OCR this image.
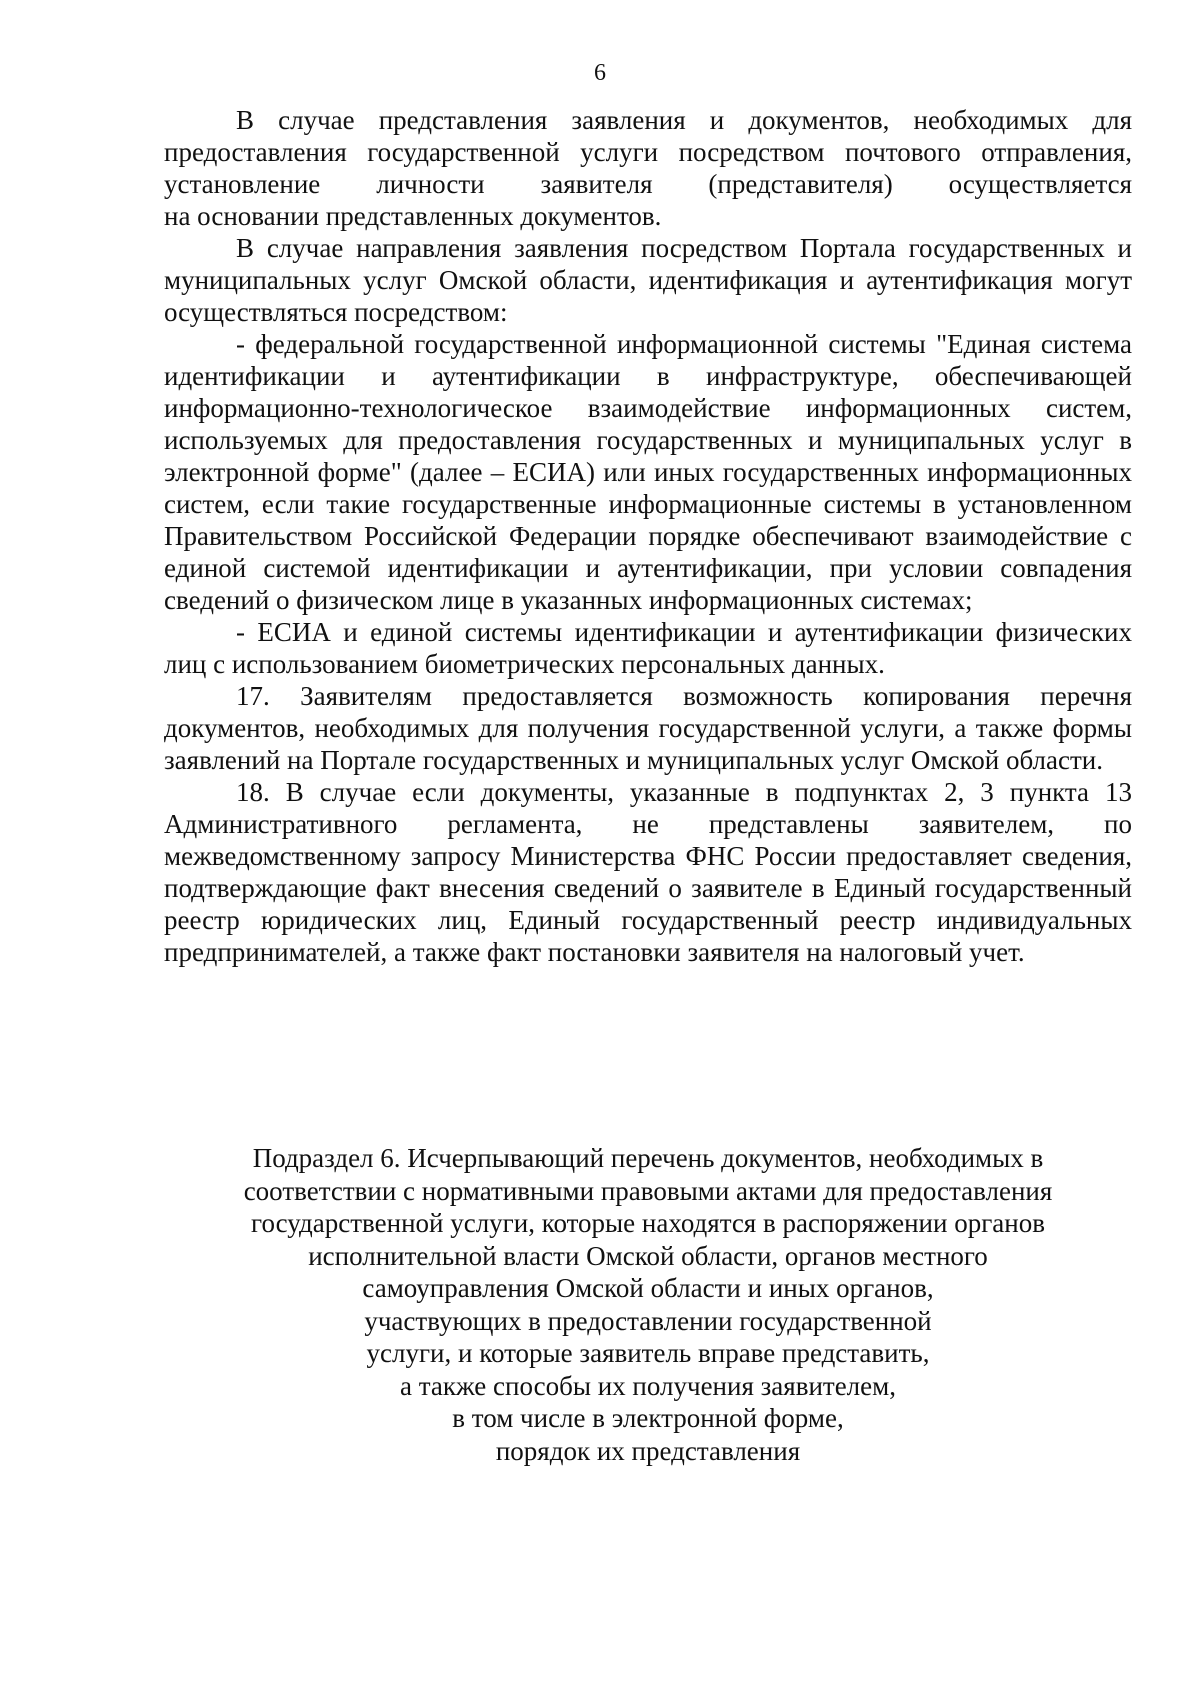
6

В случае представления заявления и документов, необходимых для предоставления государственной услуги посредством почтового отправления, установление личности заявителя (представителя) осуществляется

на основании представленных документов.

В случае направления заявления посредством Портала государственных и муниципальных услуг Омской области, идентификация и аутентификация могут осуществляться посредством:

- федеральной государственной информационной системы "Единая система идентификации и аутентификации в инфраструктуре, обеспечивающей информационно-технологическое взаимодействие информационных систем, используемых для предоставления государственных и муниципальных услуг в электронной форме" (далее – ЕСИА) или иных государственных информационных систем, если такие государственные информационные системы в установленном Правительством Российской Федерации порядке обеспечивают взаимодействие с единой системой идентификации и аутентификации, при условии совпадения сведений о физическом лице в указанных информационных системах;

- ЕСИА и единой системы идентификации и аутентификации физических лиц с использованием биометрических персональных данных.

17. Заявителям предоставляется возможность копирования перечня документов, необходимых для получения государственной услуги, а также формы заявлений на Портале государственных и муниципальных услуг Омской области.

18. В случае если документы, указанные в подпунктах 2, 3 пункта 13 Административного регламента, не представлены заявителем, по межведомственному запросу Министерства ФНС России предоставляет сведения, подтверждающие факт внесения сведений о заявителе в Единый государственный реестр юридических лиц, Единый государственный реестр индивидуальных предпринимателей, а также факт постановки заявителя на налоговый учет.

Подраздел 6. Исчерпывающий перечень документов, необходимых в
соответствии с нормативными правовыми актами для предоставления
государственной услуги, которые находятся в распоряжении органов
исполнительной власти Омской области, органов местного
самоуправления Омской области и иных органов,
участвующих в предоставлении государственной
услуги, и которые заявитель вправе представить,
а также способы их получения заявителем,
в том числе в электронной форме,
порядок их представления
